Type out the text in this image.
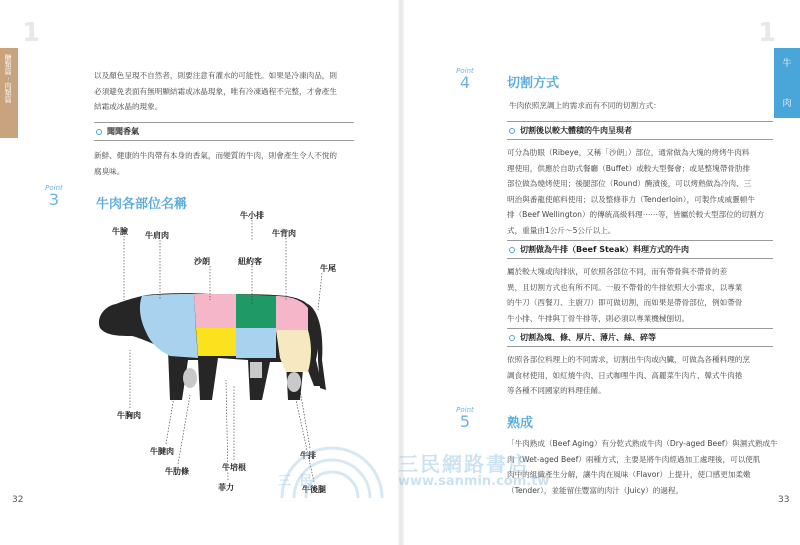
醣類篇 · 肉類篇
1
以及顏色呈現不自然者，則要注意有灌水的可能性。如果是冷凍肉品，則
必須避免表面有無明顯結霜或冰晶現象，唯有冷凍過程不完整，才會產生
結霜或冰晶的現象。
聞聞香氣
新鮮、健康的牛肉帶有本身的香氣，而變質的牛肉，則會產生令人不悅的
腐臭味。
Point
3	牛肉各部位名稱
牛臉 牛肩肉
沙朗	紐約客
牛小排
牛背肉
牛尾
牛胸肉
牛腱肉
牛肋條	牛培根
菲力
牛排
牛後腿
32
1
牛
肉
Point
4	切割方式
牛肉依照烹調上的需求而有不同的切割方式：
切割後以較大體積的牛肉呈現者
可分為肋眼（Ribeye，又稱「沙朗」）部位，通常做為大塊的烤烤牛肉料
理使用，供應於自助式餐廳（Buffet）或較大型餐會；或是整塊帶骨肋排
部位做為燒烤使用；後腿部位（Round）醃漬後，可以烤熟做為冷肉、三
明治與番龍使館料使用；以及整條菲力（Tenderloin），可製作成威靈頓牛
排（Beef Wellington）的傳統高級料理⋯⋯等，皆屬於較大型部位的切割方
式，重量由1公斤～5公斤以上。
切割做為牛排（Beef Steak）料理方式的牛肉
屬於較大塊或肉排狀，可依照各部位不同，而有帶骨與不帶骨的差
異，且切割方式也有所不同。一般不帶骨的牛排依照大小需求，以專業
的牛刀（西餐刀、主廚刀）即可做切割，而如果是帶骨部位，例如帶骨
牛小排、牛排與丁骨牛排等，則必須以專業機械刨切。
切割為塊、條、厚片、薄片、絲、碎等
依照各部位料理上的不同需求，切割出牛肉或內臟，可做為各種料理的烹
調食材使用，如紅燒牛肉、日式咖哩牛肉、高麗菜牛肉片、韓式牛肉捲
等各種不同國家的料理佳餚。
Point
5	熟成
「牛肉熟成（Beef Aging）有分乾式熟成牛肉（Dry-aged Beef）與濕式熟成牛
肉（Wet-aged Beef）兩種方式，主要是將牛肉經過加工處理後，可以使肌
肉中的組織產生分解，讓牛肉在風味（Flavor）上提升，使口感更加柔嫩
（Tender），並能留住豐富的肉汁（Juicy）的過程。
33
三 民
三民網路書店
www.sanmin.com.tw
